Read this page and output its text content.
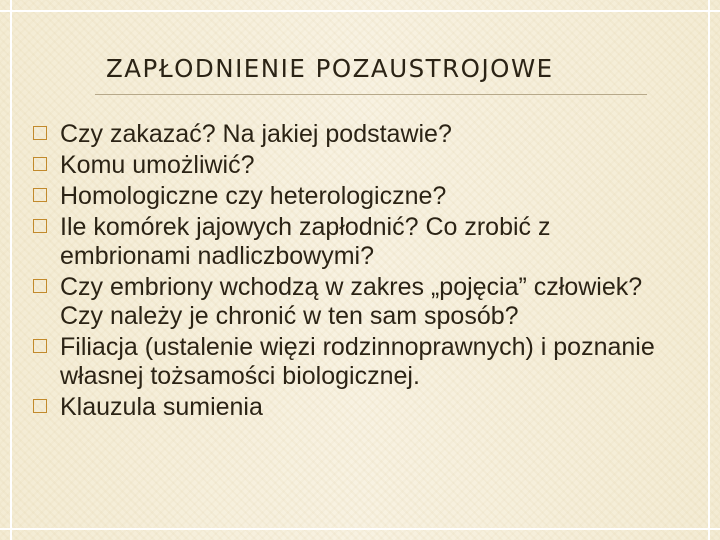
ZAPŁODNIENIE POZAUSTROJOWE
Czy zakazać? Na jakiej podstawie?
Komu umożliwić?
Homologiczne czy heterologiczne?
Ile komórek jajowych zapłodnić? Co zrobić z embrionami nadliczbowymi?
Czy embriony wchodzą w zakres „pojęcia” człowiek? Czy należy je chronić w ten sam sposób?
Filiacja (ustalenie więzi rodzinnoprawnych) i poznanie własnej tożsamości biologicznej.
Klauzula sumienia
